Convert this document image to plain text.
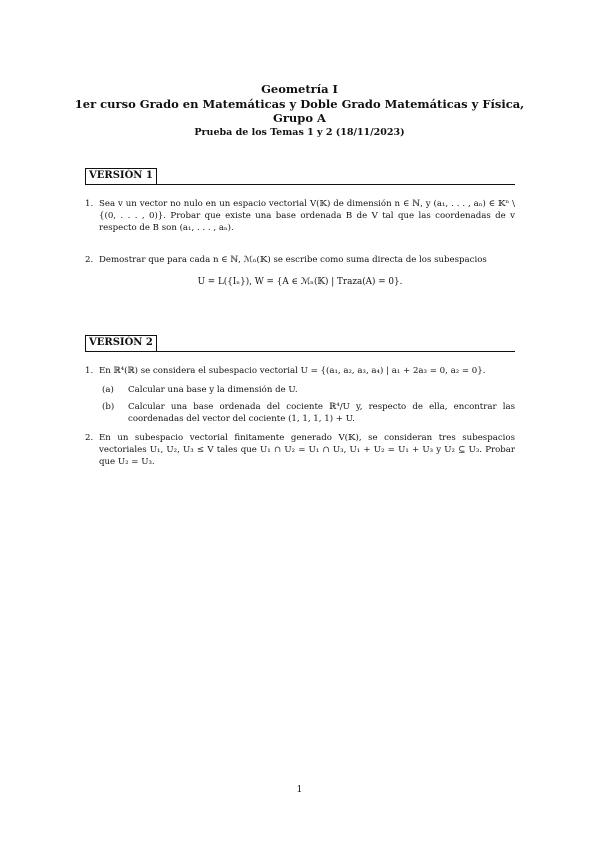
Geometría I
1er curso Grado en Matemáticas y Doble Grado Matemáticas y Física,
Grupo A
Prueba de los Temas 1 y 2 (18/11/2023)
VERSIÓN 1
1. Sea v un vector no nulo en un espacio vectorial V(𝕂) de dimensión n ∈ ℕ, y (a₁, . . . , aₙ) ∈ 𝕂ⁿ \ {(0, . . . , 0)}. Probar que existe una base ordenada B de V tal que las coordenadas de v respecto de B son (a₁, . . . , aₙ).
2. Demostrar que para cada n ∈ ℕ, ℳₙ(𝕂) se escribe como suma directa de los subespacios
U = L({Iₙ}), W = {A ∈ ℳₙ(𝕂) | Traza(A) = 0}.
VERSIÓN 2
1. En ℝ⁴(ℝ) se considera el subespacio vectorial U = {(a₁, a₂, a₃, a₄) | a₁ + 2a₃ = 0, a₂ = 0}.
(a) Calcular una base y la dimensión de U.
(b) Calcular una base ordenada del cociente ℝ⁴/U y, respecto de ella, encontrar las coordenadas del vector del cociente (1, 1, 1, 1) + U.
2. En un subespacio vectorial finitamente generado V(𝕂), se consideran tres subespacios vectoriales U₁, U₂, U₃ ≤ V tales que U₁ ∩ U₂ = U₁ ∩ U₃, U₁ + U₂ = U₁ + U₃ y U₂ ⊆ U₃. Probar que U₂ = U₃.
1
